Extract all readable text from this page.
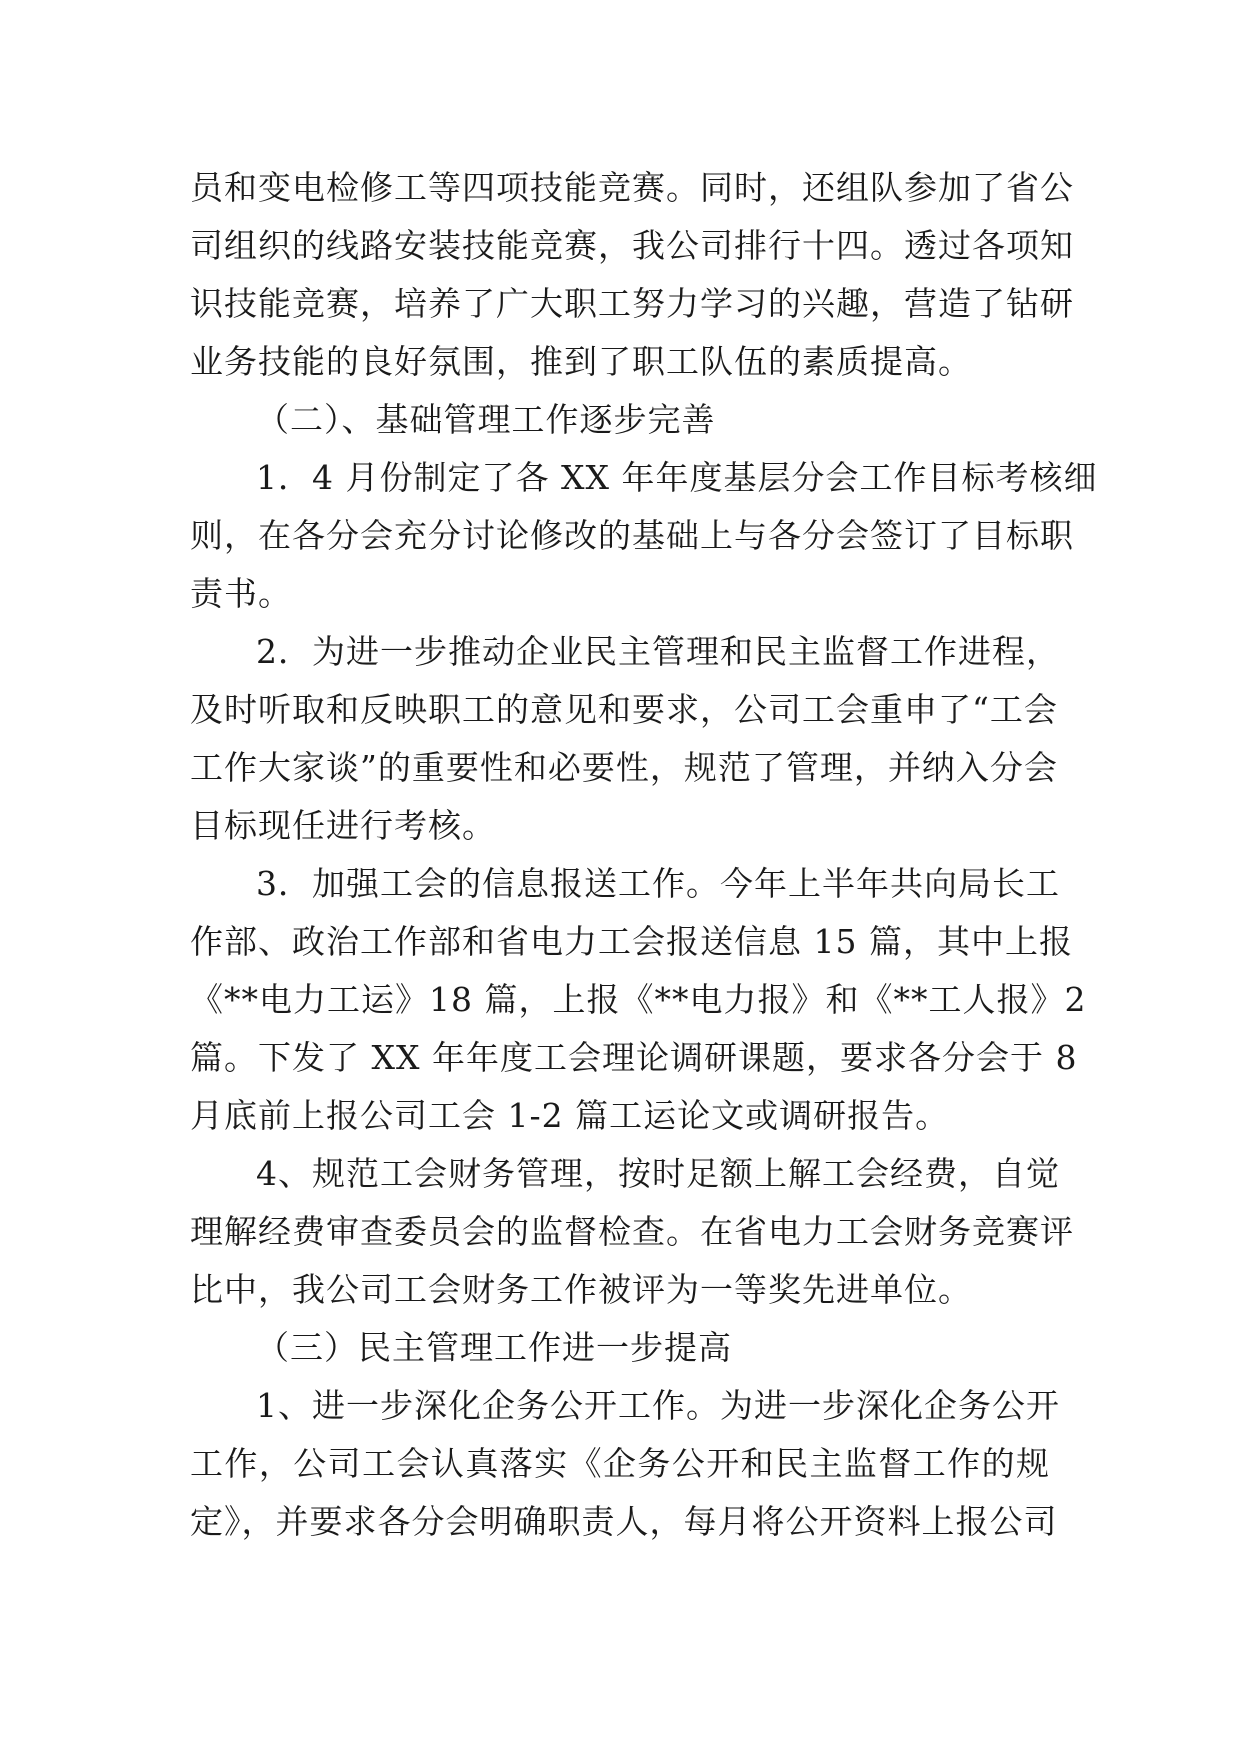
员和变电检修工等四项技能竞赛。同时，还组队参加了省公
司组织的线路安装技能竞赛，我公司排行十四。透过各项知
识技能竞赛，培养了广大职工努力学习的兴趣，营造了钻研
业务技能的良好氛围，推到了职工队伍的素质提高。
（二）、基础管理工作逐步完善
1．4 月份制定了各 XX 年年度基层分会工作目标考核细
则，在各分会充分讨论修改的基础上与各分会签订了目标职
责书。
2．为进一步推动企业民主管理和民主监督工作进程，
及时听取和反映职工的意见和要求，公司工会重申了“工会
工作大家谈”的重要性和必要性，规范了管理，并纳入分会
目标现任进行考核。
3．加强工会的信息报送工作。今年上半年共向局长工
作部、政治工作部和省电力工会报送信息 15 篇，其中上报
《**电力工运》18 篇，上报《**电力报》和《**工人报》2
篇。下发了 XX 年年度工会理论调研课题，要求各分会于 8
月底前上报公司工会 1-2 篇工运论文或调研报告。
4、规范工会财务管理，按时足额上解工会经费，自觉
理解经费审查委员会的监督检查。在省电力工会财务竞赛评
比中，我公司工会财务工作被评为一等奖先进单位。
（三）民主管理工作进一步提高
1、进一步深化企务公开工作。为进一步深化企务公开
工作，公司工会认真落实《企务公开和民主监督工作的规
定》，并要求各分会明确职责人，每月将公开资料上报公司
